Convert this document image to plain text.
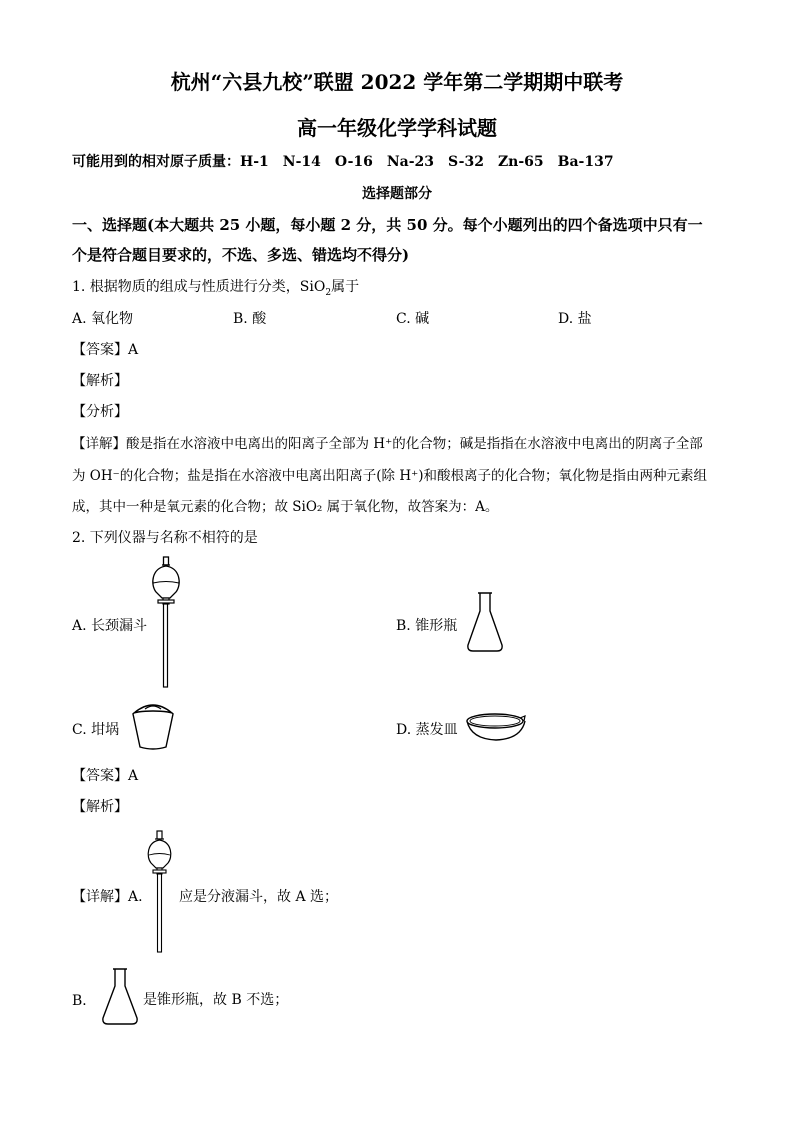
杭州“六县九校”联盟 2022 学年第二学期期中联考
高一年级化学学科试题
可能用到的相对原子质量：H-1　N-14　O-16　Na-23　S-32　Zn-65　Ba-137
选择题部分
一、选择题(本大题共 25 小题，每小题 2 分，共 50 分。每个小题列出的四个备选项中只有一
个是符合题目要求的，不选、多选、错选均不得分)
1. 根据物质的组成与性质进行分类，SiO$_2$属于
A. 氧化物	B. 酸	C. 碱	D. 盐
【答案】A
【解析】
【分析】
【详解】酸是指在水溶液中电离出的阳离子全部为 H⁺的化合物；碱是指指在水溶液中电离出的阴离子全部
为 OH⁻的化合物；盐是指在水溶液中电离出阳离子(除 H⁺)和酸根离子的化合物；氧化物是指由两种元素组
成，其中一种是氧元素的化合物；故 SiO₂ 属于氧化物，故答案为：A。
2. 下列仪器与名称不相符的是
A. 长颈漏斗	B. 锥形瓶
C. 坩埚	D. 蒸发皿
【答案】A
【解析】
【详解】A.	应是分液漏斗，故 A 选；
B．	是锥形瓶，故 B 不选；
